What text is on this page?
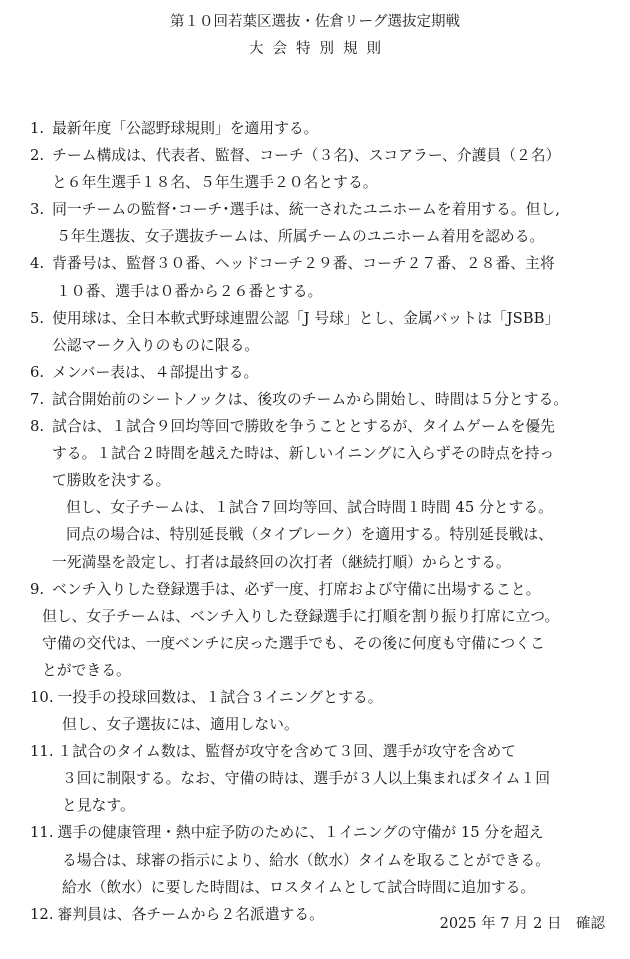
第１０回若葉区選抜・佐倉リーグ選抜定期戦
大会特別規則
1. 最新年度「公認野球規則」を適用する。
2. チーム構成は、代表者、監督、コーチ（３名)、スコアラー、介護員（２名）
と６年生選手１８名、５年生選手２０名とする。
3. 同一チームの監督･コーチ･選手は、統一されたユニホームを着用する。但し,
５年生選抜、女子選抜チームは、所属チームのユニホーム着用を認める。
4. 背番号は、監督３０番、ヘッドコーチ２９番、コーチ２７番、２８番、主将
１０番、選手は０番から２６番とする。
5. 使用球は、全日本軟式野球連盟公認「J 号球」とし、金属バットは「JSBB」
公認マーク入りのものに限る。
6. メンバー表は、４部提出する。
7. 試合開始前のシートノックは、後攻のチームから開始し、時間は５分とする。
8. 試合は、１試合９回均等回で勝敗を争うこととするが、タイムゲームを優先
する。１試合２時間を越えた時は、新しいイニングに入らずその時点を持っ
て勝敗を決する。
但し、女子チームは、１試合７回均等回、試合時間１時間 45 分とする。
同点の場合は、特別延長戦（タイブレーク）を適用する。特別延長戦は、
一死満塁を設定し、打者は最終回の次打者（継続打順）からとする。
9. ベンチ入りした登録選手は、必ず一度、打席および守備に出場すること。
但し、女子チームは、ベンチ入りした登録選手に打順を割り振り打席に立つ。
守備の交代は、一度ベンチに戻った選手でも、その後に何度も守備につくこ
とができる。
10. 一投手の投球回数は、１試合３イニングとする。
但し、女子選抜には、適用しない。
11. １試合のタイム数は、監督が攻守を含めて３回、選手が攻守を含めて
３回に制限する。なお、守備の時は、選手が３人以上集まればタイム１回
と見なす。
11. 選手の健康管理・熱中症予防のために、１イニングの守備が 15 分を超え
る場合は、球審の指示により、給水（飲水）タイムを取ることができる。
給水（飲水）に要した時間は、ロスタイムとして試合時間に追加する。
12. 審判員は、各チームから２名派遣する。
2025 年 7 月 2 日　確認
